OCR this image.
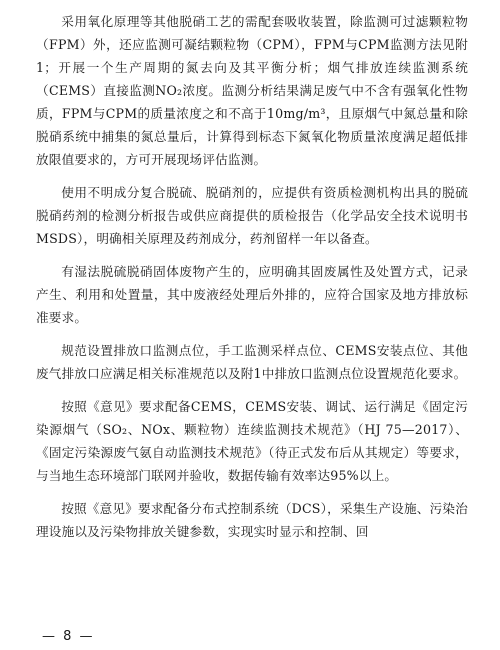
采用氧化原理等其他脱硝工艺的需配套吸收装置，除监测可过滤颗粒物（FPM）外，还应监测可凝结颗粒物（CPM），FPM与CPM监测方法见附1；开展一个生产周期的氮去向及其平衡分析；烟气排放连续监测系统（CEMS）直接监测NO₂浓度。监测分析结果满足废气中不含有强氧化性物质，FPM与CPM的质量浓度之和不高于10mg/m³，且原烟气中氮总量和除脱硝系统中捕集的氮总量后，计算得到标态下氮氧化物质量浓度满足超低排放限值要求的，方可开展现场评估监测。

使用不明成分复合脱硫、脱硝剂的，应提供有资质检测机构出具的脱硫脱硝药剂的检测分析报告或供应商提供的质检报告（化学品安全技术说明书MSDS），明确相关原理及药剂成分，药剂留样一年以备查。

有湿法脱硫脱硝固体废物产生的，应明确其固废属性及处置方式，记录产生、利用和处置量，其中废液经处理后外排的，应符合国家及地方排放标准要求。

规范设置排放口监测点位，手工监测采样点位、CEMS安装点位、其他废气排放口应满足相关标准规范以及附1中排放口监测点位设置规范化要求。

按照《意见》要求配备CEMS，CEMS安装、调试、运行满足《固定污染源烟气（SO₂、NOx、颗粒物）连续监测技术规范》（HJ 75—2017）、《固定污染源废气氨自动监测技术规范》（待正式发布后从其规定）等要求，与当地生态环境部门联网并验收，数据传输有效率达95%以上。

按照《意见》要求配备分布式控制系统（DCS），采集生产设施、污染治理设施以及污染物排放关键参数，实现实时显示和控制、回

— 8 —
